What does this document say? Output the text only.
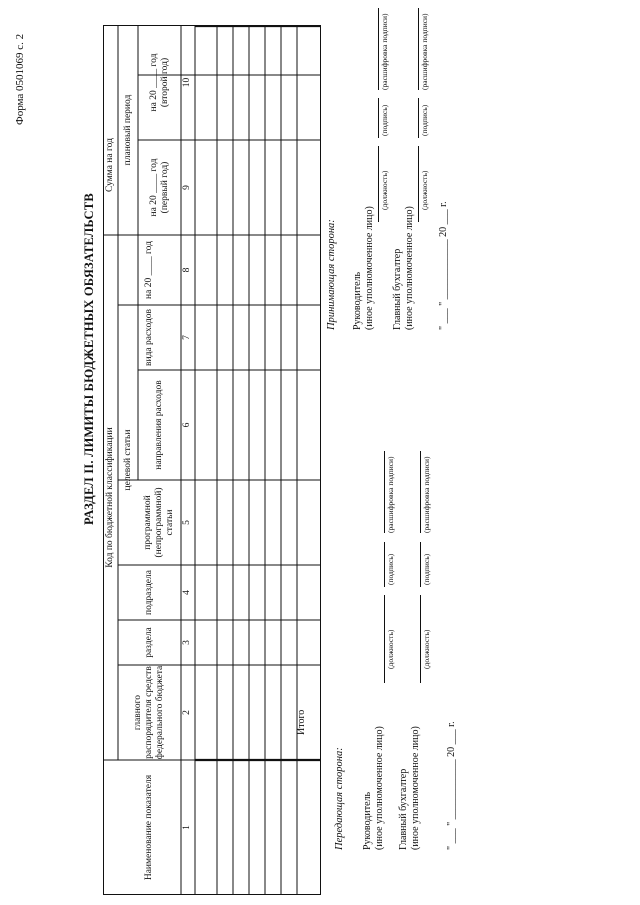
Форма 0501069 с. 2
РАЗДЕЛ II. ЛИМИТЫ БЮДЖЕТНЫХ ОБЯЗАТЕЛЬСТВ
Наименование показателя
Код по бюджетной классификации
главного распорядителя средств федерального бюджета
раздела
подраздела
целевой статьи
программной (непрограммной) статьи
направления расходов
вида расходов
Сумма на год
на 20 ____ год
плановый период
на 20 ____ год (первый год)
на 20 ____ год (второй год)
1
2
3
4
5
6
7
8
9
10
Итого
Передающая сторона: Руководитель (иное уполномоченное лицо)
(должность)
(подпись)
(расшифровка подписи)
Главный бухгалтер (иное уполномоченное лицо)
(должность)
(подпись)
(расшифровка подписи)
" ___ " ____________ 20 ___ г.
Принимающая сторона: Руководитель (иное уполномоченное лицо)
(должность)
(подпись)
(расшифровка подписи)
Главный бухгалтер (иное уполномоченное лицо)
(должность)
(подпись)
(расшифровка подписи)
" ___ " ____________ 20 ___ г.
